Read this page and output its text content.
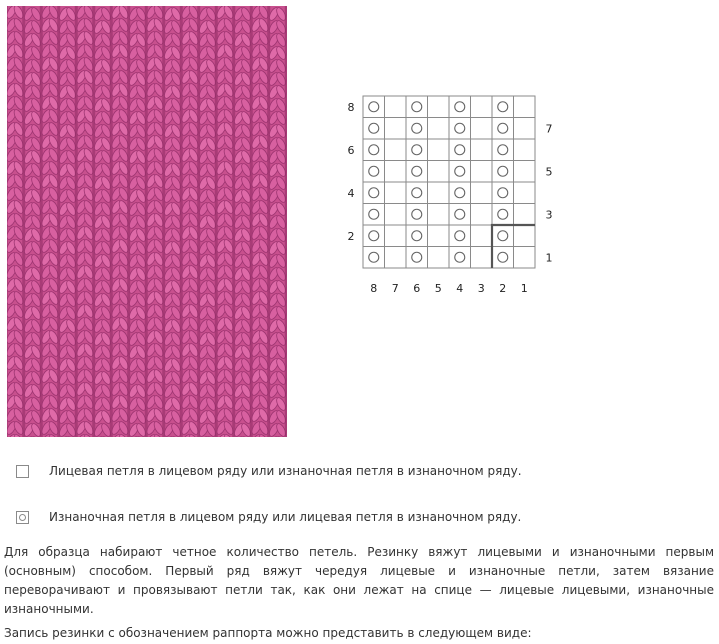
8
6
4
2
7
5
3
1
8 7 6 5 4 3 2 1
Лицевая петля в лицевом ряду или изнаночная петля в изнаночном ряду.
Изнаночная петля в лицевом ряду или лицевая петля в изнаночном ряду.

Для образца набирают четное количество петель. Резинку вяжут лицевыми и изнаночными первым (основным) способом. Первый ряд вяжут чередуя лицевые и изнаночные петли, затем вязание переворачивают и провязывают петли так, как они лежат на спице — лицевые лицевыми, изнаночные изнаночными.

Запись резинки с обозначением раппорта можно представить в следующем виде:
